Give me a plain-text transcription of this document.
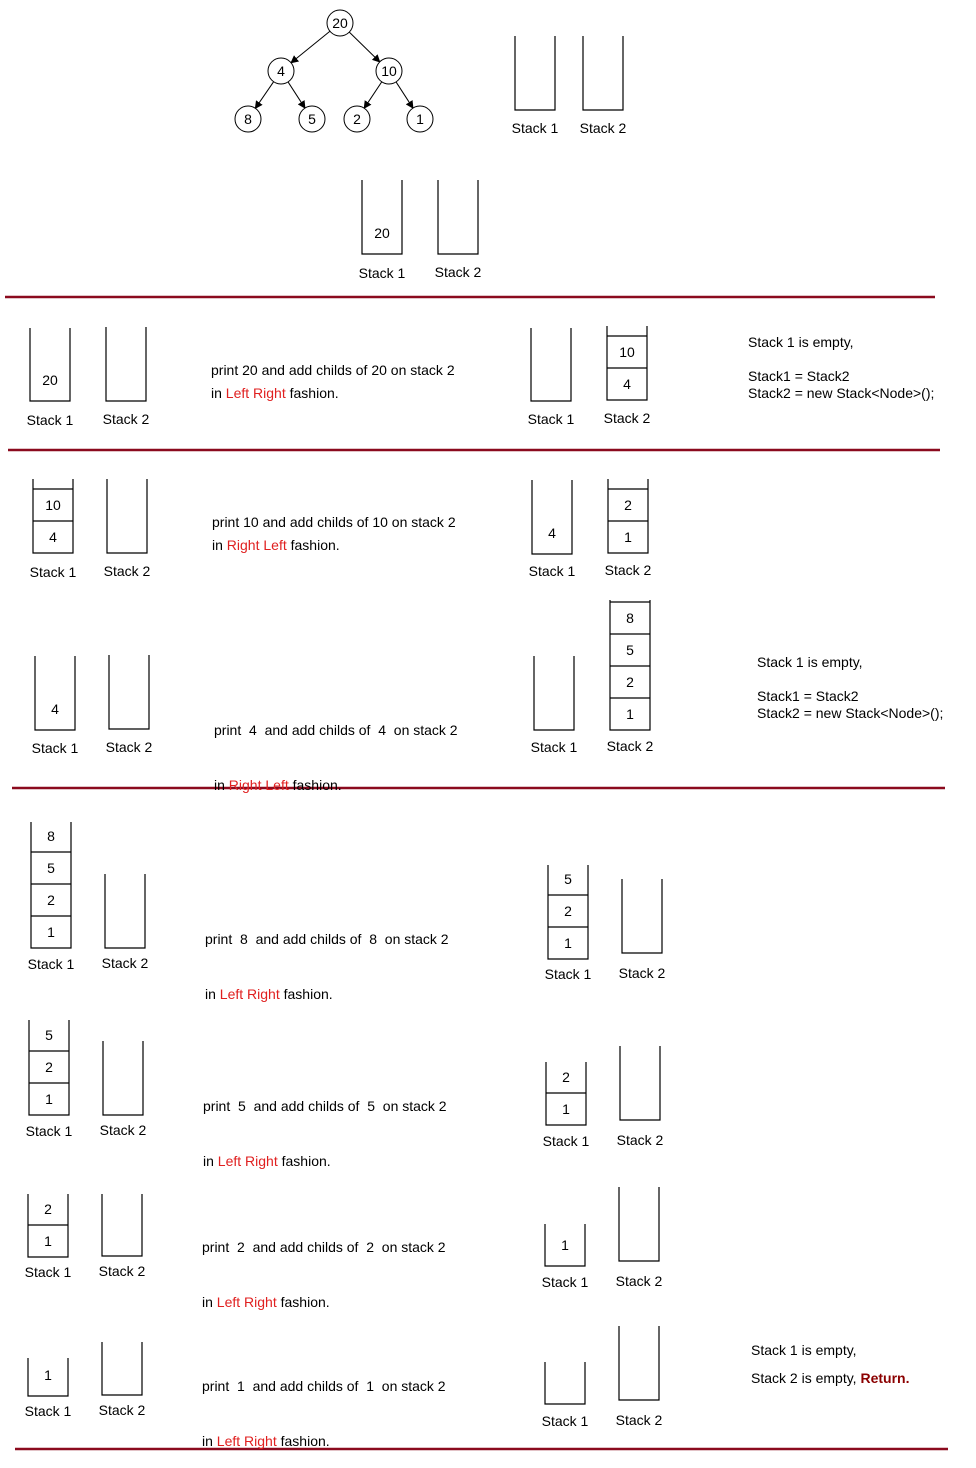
20
4	10
8	5	2	1
Stack 1 Stack 2
20
Stack 1 Stack 2
20
Stack 1 Stack 2	Stack 1
10
4
Stack 2
10
4
Stack 1 Stack 2
4
Stack 1
2
1
Stack 2
4
Stack 1 Stack 2	Stack 1
8
5
2
1
Stack 2
8
5
2
1
Stack 1 Stack 2
5
2
1
Stack 1 Stack 2
5
2
1
Stack 1 Stack 2
2
1
Stack 1 Stack 2
2
1
Stack 1 Stack 2
1
Stack 1 Stack 2
1
Stack 1 Stack 2
Stack 1 Stack 2
print 20 and add childs of 20 on stack 2
in Left Right fashion.
print 10 and add childs of 10 on stack 2
in Right Left fashion.

print  4  and add childs of  4  on stack 2

in Right Left fashion.

print  8  and add childs of  8  on stack 2

in Left Right fashion.

print  5  and add childs of  5  on stack 2

in Left Right fashion.

print  2  and add childs of  2  on stack 2

in Left Right fashion.

print  1  and add childs of  1  on stack 2

in Left Right fashion.

Stack 1 is empty,
Stack1 = Stack2
Stack2 = new Stack<Node>();
Stack 1 is empty,
Stack1 = Stack2
Stack2 = new Stack<Node>();
Stack 1 is empty,
Stack 2 is empty, Return.
